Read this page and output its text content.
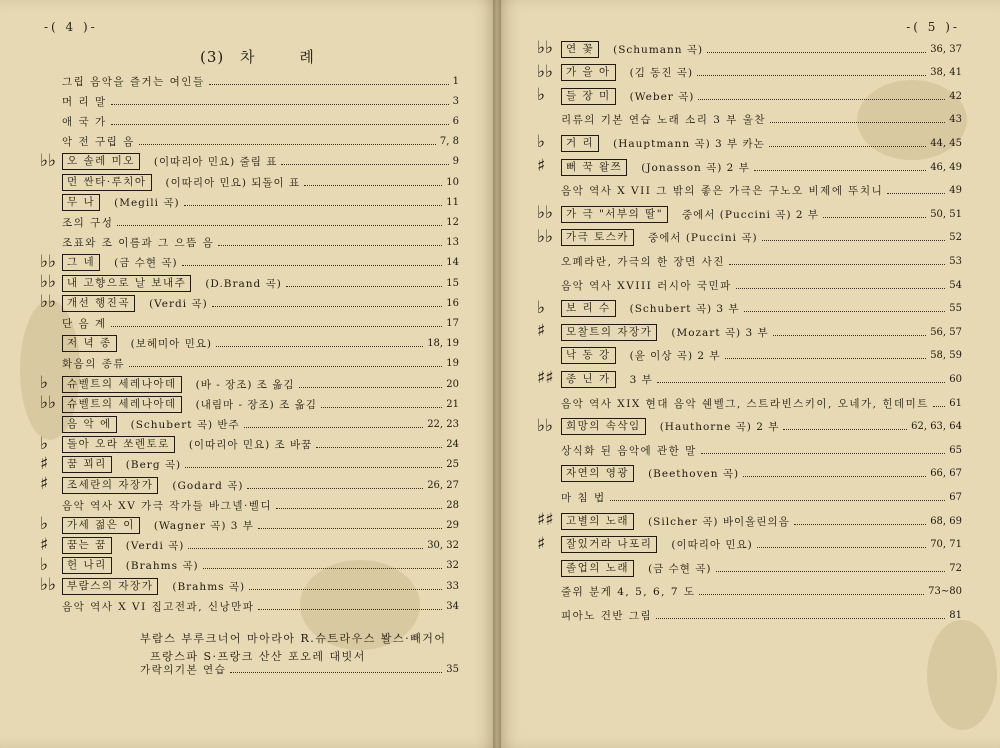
-( 4 )-
(3) 차	례
그립 음악을 즐거는 여인들	1
머 리 말	3
애 국 가	6
악 전 구립 음	7, 8
♭♭	오 솔레 미오	(이따리아 민요) 줄림 표	9
먼 싼타·루치아	(이따리아 민요) 되돌이 표	10
무 나	(Megili 곡)	11
조의 구성	12
조표와 조 이름과 그 으뜸 음	13
♭♭	그 네	(금 수현 곡)	14
♭♭	내 고향으로 날 보내주	(D.Brand 곡)	15
♭♭	개선 행진곡	(Verdi 곡)	16
단 음 계	17
저 녁 종	(보헤미아 민요)	18, 19
화음의 종류	19
♭	슈벨트의 세레나아데	(바 - 장조) 조 옮김	20
♭♭	슈벨트의 세레나아데	(내림마 - 장조) 조 옮김	21
음 악 에	(Schubert 곡) 반주	22, 23
♭	돌아 오라 쏘렌토로	(이따리아 민요) 조 바꿈	24
♯	꿈 꾀리	(Berg 곡)	25
♯	조세란의 자장가	(Godard 곡)	26, 27
음악 역사 XV 가극 작가들 바그넬·벨디	28
♭	가세 젊은 이	(Wagner 곡) 3 부	29
♯	꿈는 꿈	(Verdi 곡)	30, 32
♭	헌 나리	(Brahms 곡)	32
♭♭	부람스의 자장가	(Brahms 곡)	33
음악 역사 X VI 집고전과, 신낭만파	34
부람스 부루크너어 마아라아 R.슈트라우스 봘스·빼거어
프랑스파 S·프랑크 산산 포오레 대빗서
가락의기본 연습	35
-( 5 )-
♭♭	연 꽃	(Schumann 곡)	36, 37
♭♭	가 을 아	(김 동진 곡)	38, 41
♭	들 장 미	(Weber 곡)	42
리류의 기본 연습 노래 소리 3 부 울찬	43
♭	거 리	(Hauptmann 곡) 3 부 카논	44, 45
♯	뻐 꾹 왈쯔	(Jonasson 곡) 2 부	46, 49
음악 역사 X VII 그 밖의 좋은 가극은 구노오 비제에 뚜치니	49
♭♭	가 극 "서부의 딸"	중에서 (Puccini 곡) 2 부	50, 51
♭♭	가극 토스카	중에서 (Puccini 곡)	52
오폐라란, 가극의 한 장면 사진	53
음악 역사 XVIII 러시아 국민파	54
♭	보 리 수	(Schubert 곡) 3 부	55
♯	모찰트의 자장가	(Mozart 곡) 3 부	56, 57
낙 동 강	(윤 이상 곡) 2 부	58, 59
♯♯	종 닌 가	3 부	60
음악 역사 XIX 현대 음악 쉔벨그, 스트라빈스키이, 오네가, 힌데미트 61
♭♭	희망의 속삭임	(Hauthorne 곡) 2 부	62, 63, 64
상식화 된 음악에 관한 말	65
자연의 영광	(Beethoven 곡)	66, 67
마 침 법	67
♯♯	고별의 노래	(Silcher 곡) 바이올린의음	68, 69
♯	잘있거라 나포리	(이따리아 민요)	70, 71
졸업의 노래	(금 수현 곡)	72
줄위 분게 4, 5, 6, 7 도	73∼80
피아노 건반 그림	81
